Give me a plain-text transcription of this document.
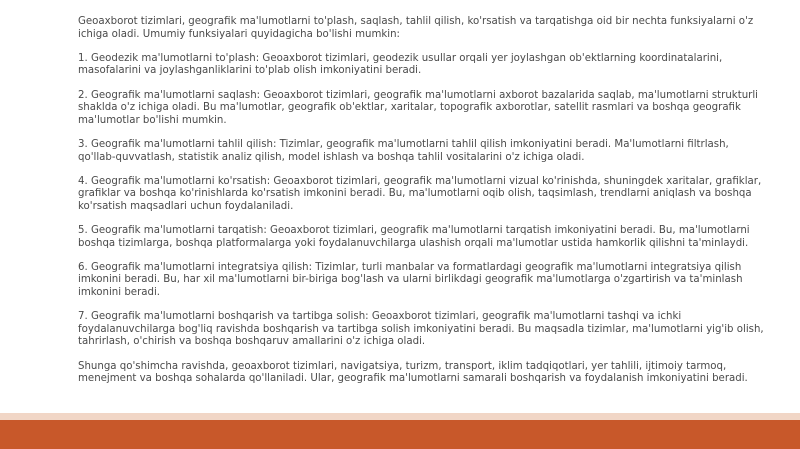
Geoaxborot tizimlari, geografik ma'lumotlarni to'plash, saqlash, tahlil qilish, ko'rsatish va tarqatishga oid bir nechta funksiyalarni o'z ichiga oladi. Umumiy funksiyalari quyidagicha bo'lishi mumkin:

1. Geodezik ma'lumotlarni to'plash: Geoaxborot tizimlari, geodezik usullar orqali yer joylashgan ob'ektlarning koordinatalarini, masofalarini va joylashganliklarini to'plab olish imkoniyatini beradi.

2. Geografik ma'lumotlarni saqlash: Geoaxborot tizimlari, geografik ma'lumotlarni axborot bazalarida saqlab, ma'lumotlarni strukturli shaklda o'z ichiga oladi. Bu ma'lumotlar, geografik ob'ektlar, xaritalar, topografik axborotlar, satellit rasmlari va boshqa geografik ma'lumotlar bo'lishi mumkin.

3. Geografik ma'lumotlarni tahlil qilish: Tizimlar, geografik ma'lumotlarni tahlil qilish imkoniyatini beradi. Ma'lumotlarni filtrlash, qo'llab-quvvatlash, statistik analiz qilish, model ishlash va boshqa tahlil vositalarini o'z ichiga oladi.

4. Geografik ma'lumotlarni ko'rsatish: Geoaxborot tizimlari, geografik ma'lumotlarni vizual ko'rinishda, shuningdek xaritalar, grafiklar, grafiklar va boshqa ko'rinishlarda ko'rsatish imkonini beradi. Bu, ma'lumotlarni oqib olish, taqsimlash, trendlarni aniqlash va boshqa ko'rsatish maqsadlari uchun foydalaniladi.

5. Geografik ma'lumotlarni tarqatish: Geoaxborot tizimlari, geografik ma'lumotlarni tarqatish imkoniyatini beradi. Bu, ma'lumotlarni boshqa tizimlarga, boshqa platformalarga yoki foydalanuvchilarga ulashish orqali ma'lumotlar ustida hamkorlik qilishni ta'minlaydi.

6. Geografik ma'lumotlarni integratsiya qilish: Tizimlar, turli manbalar va formatlardagi geografik ma'lumotlarni integratsiya qilish imkonini beradi. Bu, har xil ma'lumotlarni bir-biriga bog'lash va ularni birlikdagi geografik ma'lumotlarga o'zgartirish va ta'minlash imkonini beradi.

7. Geografik ma'lumotlarni boshqarish va tartibga solish: Geoaxborot tizimlari, geografik ma'lumotlarni tashqi va ichki foydalanuvchilarga bog'liq ravishda boshqarish va tartibga solish imkoniyatini beradi. Bu maqsadla tizimlar, ma'lumotlarni yig'ib olish, tahrirlash, o'chirish va boshqa boshqaruv amallarini o'z ichiga oladi.

Shunga qo'shimcha ravishda, geoaxborot tizimlari, navigatsiya, turizm, transport, iklim tadqiqotlari, yer tahlili, ijtimoiy tarmoq, menejment va boshqa sohalarda qo'llaniladi. Ular, geografik ma'lumotlarni samarali boshqarish va foydalanish imkoniyatini beradi.
